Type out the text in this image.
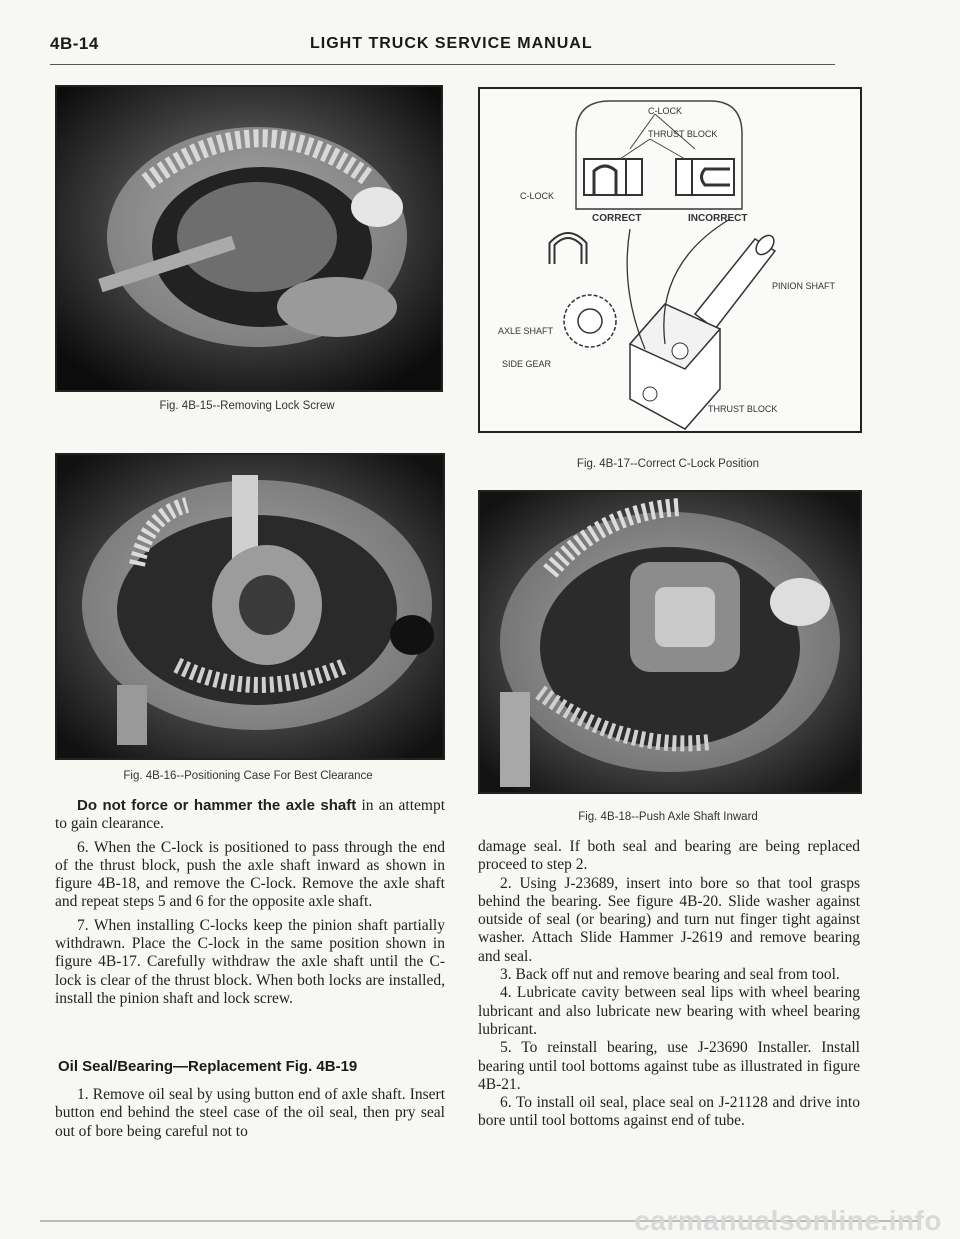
4B-14	LIGHT TRUCK SERVICE MANUAL
Fig. 4B-15--Removing Lock Screw
C-LOCK
THRUST BLOCK
C-LOCK
CORRECT	INCORRECT
PINION SHAFT
AXLE SHAFT
SIDE GEAR
THRUST BLOCK
Fig. 4B-17--Correct C-Lock Position
Fig. 4B-16--Positioning Case For Best Clearance
Fig. 4B-18--Push Axle Shaft Inward

Do not force or hammer the axle shaft in an attempt to gain clearance.

6. When the C-lock is positioned to pass through the end of the thrust block, push the axle shaft inward as shown in figure 4B-18, and remove the C-lock. Remove the axle shaft and repeat steps 5 and 6 for the opposite axle shaft.

7. When installing C-locks keep the pinion shaft partially withdrawn. Place the C-lock in the same position shown in figure 4B-17. Carefully withdraw the axle shaft until the C-lock is clear of the thrust block. When both locks are installed, install the pinion shaft and lock screw.

Oil Seal/Bearing—Replacement Fig. 4B-19

1. Remove oil seal by using button end of axle shaft. Insert button end behind the steel case of the oil seal, then pry seal out of bore being careful not to

damage seal. If both seal and bearing are being replaced proceed to step 2.

2. Using J-23689, insert into bore so that tool grasps behind the bearing. See figure 4B-20. Slide washer against outside of seal (or bearing) and turn nut finger tight against washer. Attach Slide Hammer J-2619 and remove bearing and seal.

3. Back off nut and remove bearing and seal from tool.

4. Lubricate cavity between seal lips with wheel bearing lubricant and also lubricate new bearing with wheel bearing lubricant.

5. To reinstall bearing, use J-23690 Installer. Install bearing until tool bottoms against tube as illustrated in figure 4B-21.

6. To install oil seal, place seal on J-21128 and drive into bore until tool bottoms against end of tube.

carmanualsonline.info
